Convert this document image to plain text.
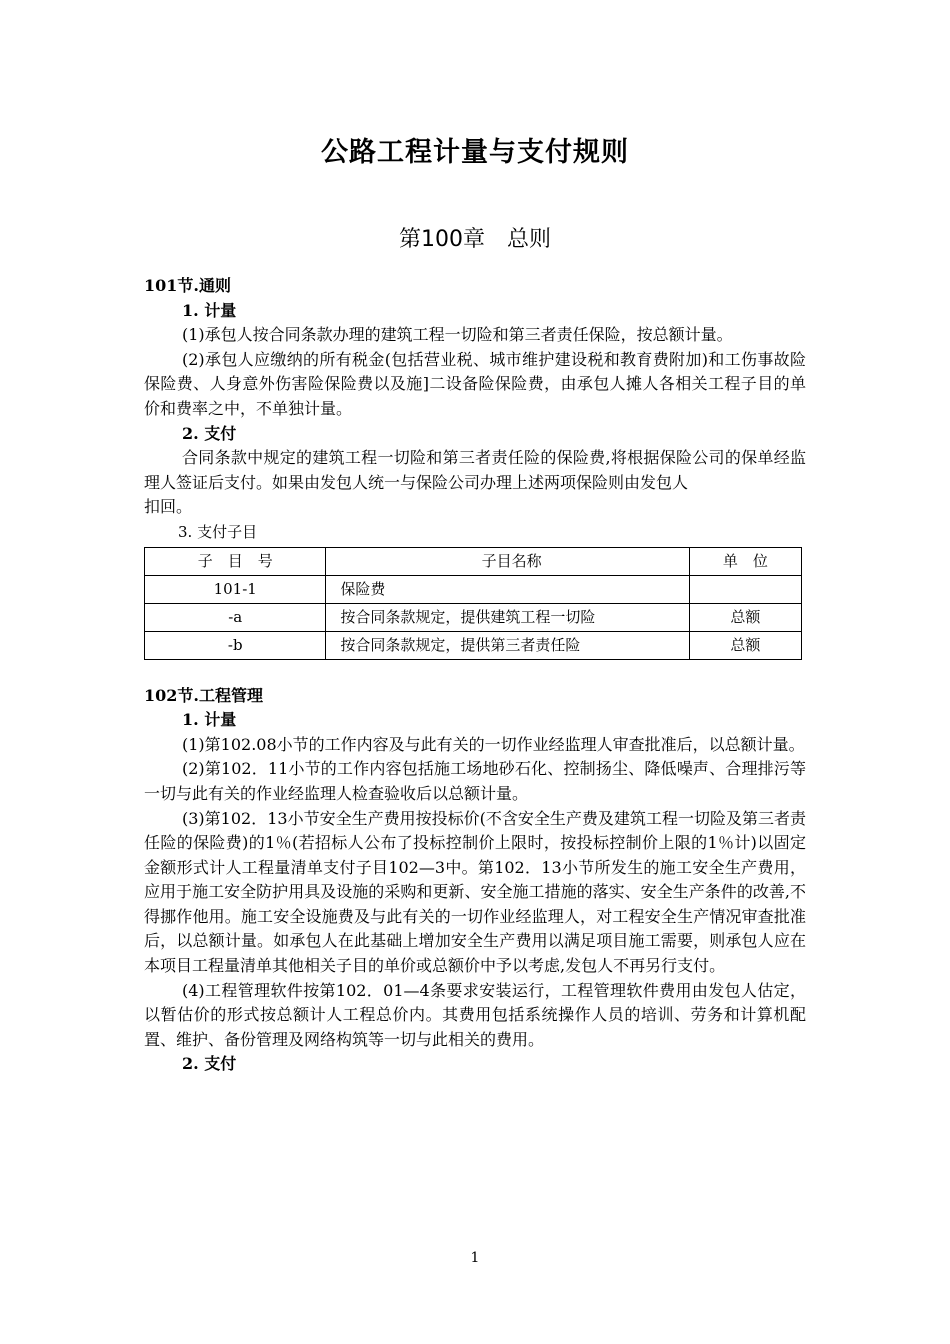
公路工程计量与支付规则
第100章 总则
101节.通则
1. 计量

(1)承包人按合同条款办理的建筑工程一切险和第三者责任保险，按总额计量。

(2)承包人应缴纳的所有税金(包括营业税、城市维护建设税和教育费附加)和工伤事故险保险费、人身意外伤害险保险费以及施]二设备险保险费，由承包人摊人各相关工程子目的单价和费率之中，不单独计量。

2. 支付

合同条款中规定的建筑工程一切险和第三者责任险的保险费,将根据保险公司的保单经监理人签证后支付。如果由发包人统一与保险公司办理上述两项保险则由发包人

扣回。

3. 支付子目
子　目　号	子目名称	单　位
101-1	保险费	
-a	按合同条款规定，提供建筑工程一切险	总额
-b	按合同条款规定，提供第三者责任险	总额
102节.工程管理
1. 计量

(1)第102.08小节的工作内容及与此有关的一切作业经监理人审查批准后，以总额计量。

(2)第102．11小节的工作内容包括施工场地砂石化、控制扬尘、降低噪声、合理排污等一切与此有关的作业经监理人检查验收后以总额计量。

(3)第102．13小节安全生产费用按投标价(不含安全生产费及建筑工程一切险及第三者责任险的保险费)的1％(若招标人公布了投标控制价上限时，按投标控制价上限的1％计)以固定金额形式计人工程量清单支付子目102—3中。第102．13小节所发生的施工安全生产费用，应用于施工安全防护用具及设施的采购和更新、安全施工措施的落实、安全生产条件的改善,不得挪作他用。施工安全设施费及与此有关的一切作业经监理人，对工程安全生产情况审查批准后，以总额计量。如承包人在此基础上增加安全生产费用以满足项目施工需要，则承包人应在本项目工程量清单其他相关子目的单价或总额价中予以考虑,发包人不再另行支付。

(4)工程管理软件按第102．01—4条要求安装运行，工程管理软件费用由发包人估定，以暂估价的形式按总额计人工程总价内。其费用包括系统操作人员的培训、劳务和计算机配置、维护、备份管理及网络构筑等一切与此相关的费用。

2. 支付
1
